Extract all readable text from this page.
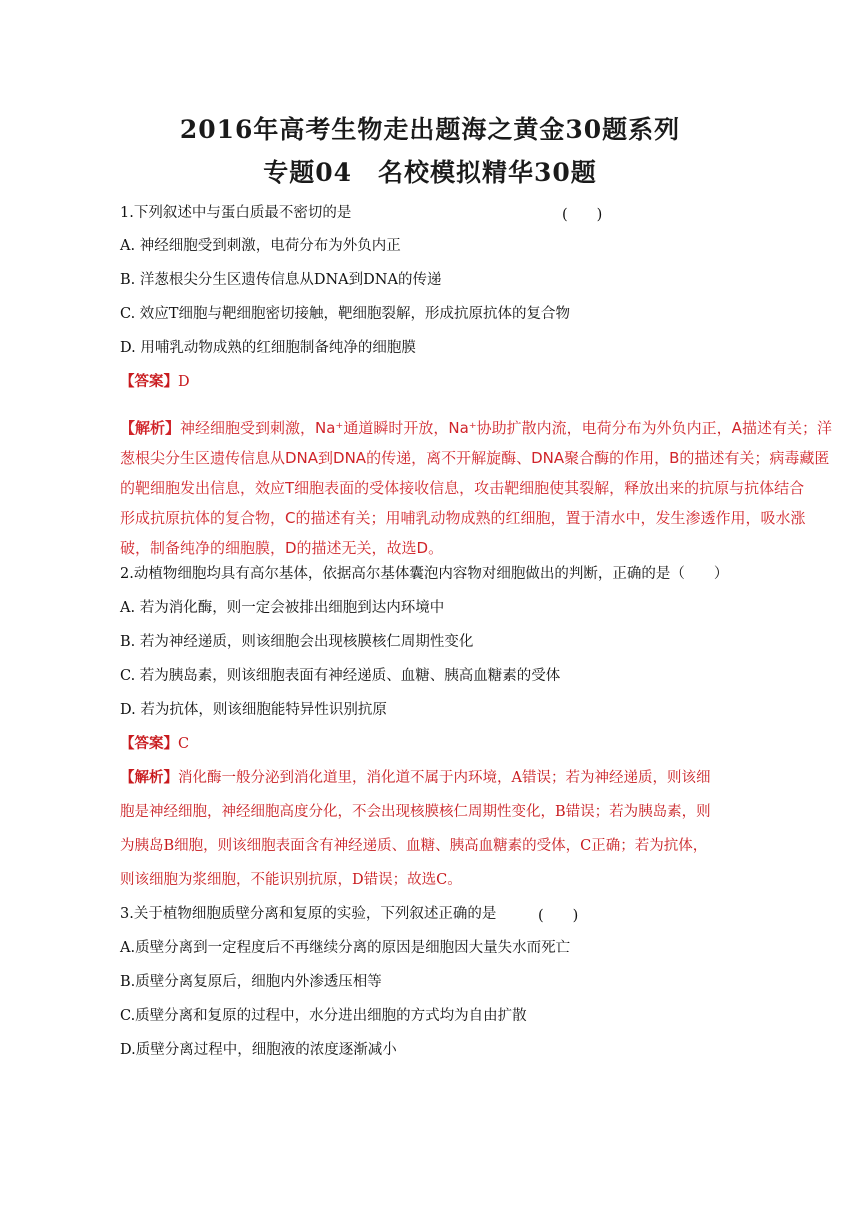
2016年高考生物走出题海之黄金30题系列
专题04　名校模拟精华30题
1.下列叙述中与蛋白质最不密切的是	(　　)
A. 神经细胞受到刺激，电荷分布为外负内正
B. 洋葱根尖分生区遗传信息从DNA到DNA的传递
C. 效应T细胞与靶细胞密切接触，靶细胞裂解，形成抗原抗体的复合物
D. 用哺乳动物成熟的红细胞制备纯净的细胞膜
【答案】D
【解析】神经细胞受到刺激，Na⁺通道瞬时开放，Na⁺协助扩散内流，电荷分布为外负内正，A描述有关；洋
葱根尖分生区遗传信息从DNA到DNA的传递，离不开解旋酶、DNA聚合酶的作用，B的描述有关；病毒藏匿
的靶细胞发出信息，效应T细胞表面的受体接收信息，攻击靶细胞使其裂解，释放出来的抗原与抗体结合
形成抗原抗体的复合物，C的描述有关；用哺乳动物成熟的红细胞，置于清水中，发生渗透作用，吸水涨
破，制备纯净的细胞膜，D的描述无关，故选D。
2.动植物细胞均具有高尔基体，依据高尔基体囊泡内容物对细胞做出的判断，正确的是（　　）
A. 若为消化酶，则一定会被排出细胞到达内环境中
B. 若为神经递质，则该细胞会出现核膜核仁周期性变化
C. 若为胰岛素，则该细胞表面有神经递质、血糖、胰高血糖素的受体
D. 若为抗体，则该细胞能特异性识别抗原
【答案】C
【解析】消化酶一般分泌到消化道里，消化道不属于内环境，A错误；若为神经递质，则该细
胞是神经细胞，神经细胞高度分化，不会出现核膜核仁周期性变化，B错误；若为胰岛素，则
为胰岛B细胞，则该细胞表面含有神经递质、血糖、胰高血糖素的受体，C正确；若为抗体，
则该细胞为浆细胞，不能识别抗原，D错误；故选C。
3.关于植物细胞质壁分离和复原的实验，下列叙述正确的是	(　　)
A.质壁分离到一定程度后不再继续分离的原因是细胞因大量失水而死亡
B.质壁分离复原后，细胞内外渗透压相等
C.质壁分离和复原的过程中，水分进出细胞的方式均为自由扩散
D.质壁分离过程中，细胞液的浓度逐渐减小
